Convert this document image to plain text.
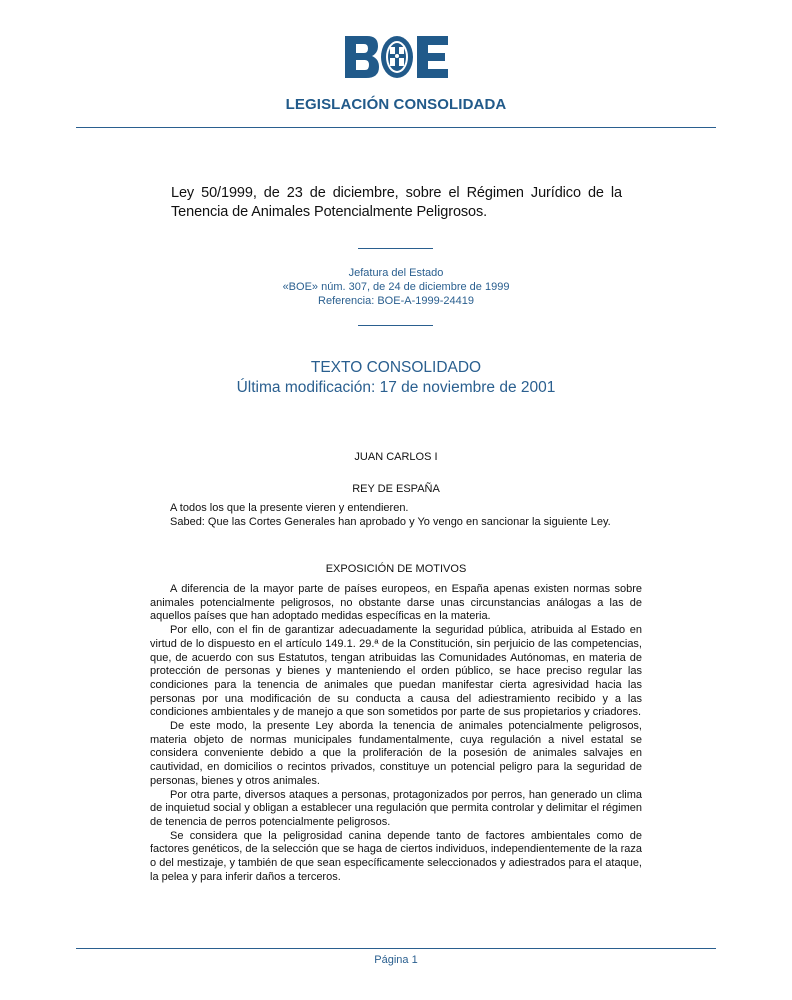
LEGISLACIÓN CONSOLIDADA
Ley 50/1999, de 23 de diciembre, sobre el Régimen Jurídico de la Tenencia de Animales Potencialmente Peligrosos.
Jefatura del Estado
«BOE» núm. 307, de 24 de diciembre de 1999
Referencia: BOE-A-1999-24419
TEXTO CONSOLIDADO
Última modificación: 17 de noviembre de 2001
JUAN CARLOS I
REY DE ESPAÑA

A todos los que la presente vieren y entendieren.

Sabed: Que las Cortes Generales han aprobado y Yo vengo en sancionar la siguiente Ley.

EXPOSICIÓN DE MOTIVOS

A diferencia de la mayor parte de países europeos, en España apenas existen normas sobre animales potencialmente peligrosos, no obstante darse unas circunstancias análogas a las de aquellos países que han adoptado medidas específicas en la materia.

Por ello, con el fin de garantizar adecuadamente la seguridad pública, atribuida al Estado en virtud de lo dispuesto en el artículo 149.1. 29.ª de la Constitución, sin perjuicio de las competencias, que, de acuerdo con sus Estatutos, tengan atribuidas las Comunidades Autónomas, en materia de protección de personas y bienes y manteniendo el orden público, se hace preciso regular las condiciones para la tenencia de animales que puedan manifestar cierta agresividad hacia las personas por una modificación de su conducta a causa del adiestramiento recibido y a las condiciones ambientales y de manejo a que son sometidos por parte de sus propietarios y criadores.

De este modo, la presente Ley aborda la tenencia de animales potencialmente peligrosos, materia objeto de normas municipales fundamentalmente, cuya regulación a nivel estatal se considera conveniente debido a que la proliferación de la posesión de animales salvajes en cautividad, en domicilios o recintos privados, constituye un potencial peligro para la seguridad de personas, bienes y otros animales.

Por otra parte, diversos ataques a personas, protagonizados por perros, han generado un clima de inquietud social y obligan a establecer una regulación que permita controlar y delimitar el régimen de tenencia de perros potencialmente peligrosos.

Se considera que la peligrosidad canina depende tanto de factores ambientales como de factores genéticos, de la selección que se haga de ciertos individuos, independientemente de la raza o del mestizaje, y también de que sean específicamente seleccionados y adiestrados para el ataque, la pelea y para inferir daños a terceros.

Página 1
